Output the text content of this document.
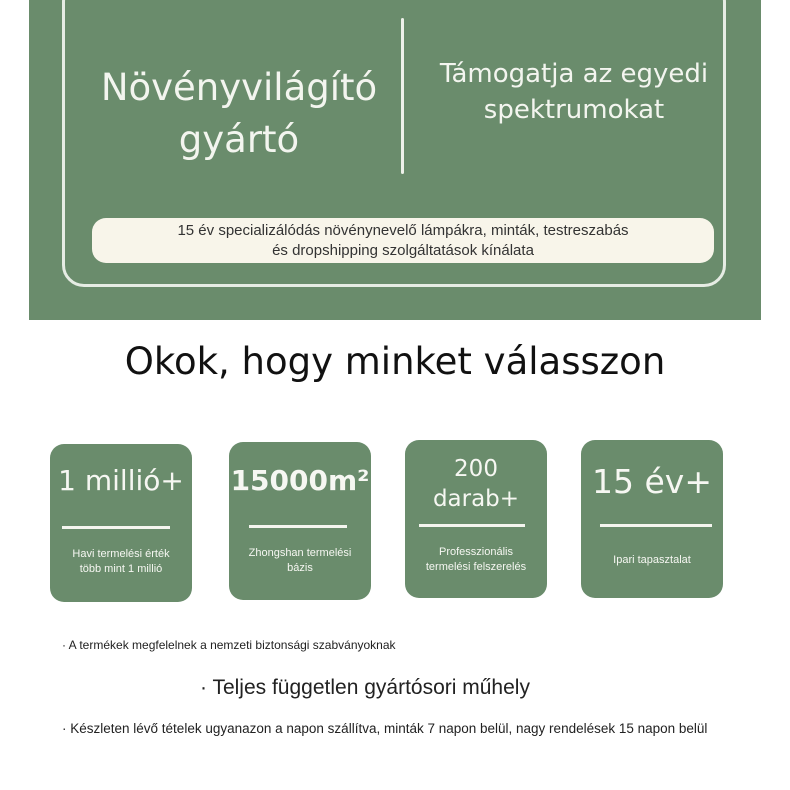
Növényvilágító
gyártó
Támogatja az egyedi
spektrumokat
15 év specializálódás növénynevelő lámpákra, minták, testreszabás
és dropshipping szolgáltatások kínálata
Okok, hogy minket válasszon
1 millió+
Havi termelési érték
több mint 1 millió
15000m²
Zhongshan termelési
bázis
200
darab+
Professzionális
termelési felszerelés
15 év+
Ipari tapasztalat
· A termékek megfelelnek a nemzeti biztonsági szabványoknak
· Teljes független gyártósori műhely
· Készleten lévő tételek ugyanazon a napon szállítva, minták 7 napon belül, nagy rendelések 15 napon belül
